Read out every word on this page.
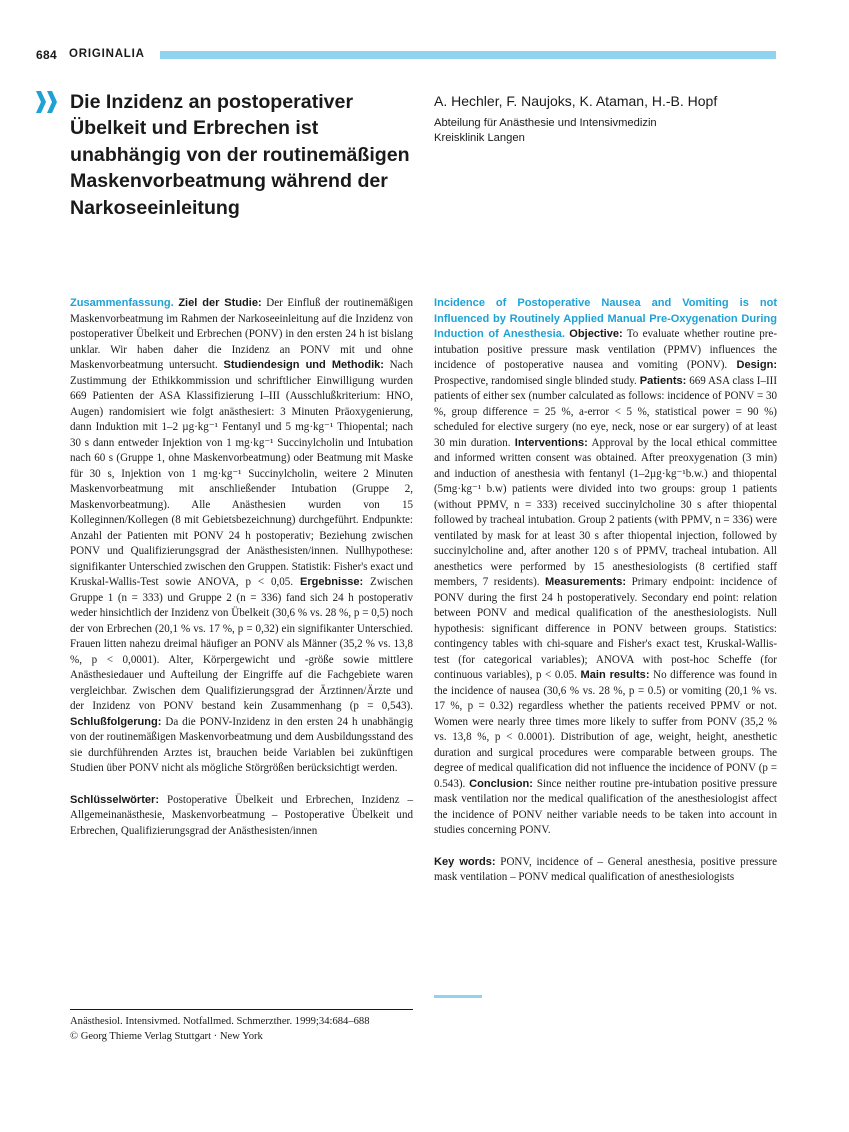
684 ORIGINALIA
Die Inzidenz an postoperativer Übelkeit und Erbrechen ist unabhängig von der routinemäßigen Maskenvorbeatmung während der Narkoseeinleitung
A. Hechler, F. Naujoks, K. Ataman, H.-B. Hopf
Abteilung für Anästhesie und Intensivmedizin
Kreisklinik Langen

Zusammenfassung. Ziel der Studie: Der Einfluß der routinemäßigen Maskenvorbeatmung im Rahmen der Narkoseeinleitung auf die Inzidenz von postoperativer Übelkeit und Erbrechen (PONV) in den ersten 24 h ist bislang unklar. Wir haben daher die Inzidenz an PONV mit und ohne Maskenvorbeatmung untersucht. Studiendesign und Methodik: Nach Zustimmung der Ethikkommission und schriftlicher Einwilligung wurden 669 Patienten der ASA Klassifizierung I–III (Ausschlußkriterium: HNO, Augen) randomisiert wie folgt anästhesiert: 3 Minuten Präoxygenierung, dann Induktion mit 1–2 µg·kg⁻¹ Fentanyl und 5 mg·kg⁻¹ Thiopental; nach 30 s dann entweder Injektion von 1 mg·kg⁻¹ Succinylcholin und Intubation nach 60 s (Gruppe 1, ohne Maskenvorbeatmung) oder Beatmung mit Maske für 30 s, Injektion von 1 mg·kg⁻¹ Succinylcholin, weitere 2 Minuten Maskenvorbeatmung mit anschließender Intubation (Gruppe 2, Maskenvorbeatmung). Alle Anästhesien wurden von 15 Kolleginnen/Kollegen (8 mit Gebietsbezeichnung) durchgeführt. Endpunkte: Anzahl der Patienten mit PONV 24 h postoperativ; Beziehung zwischen PONV und Qualifizierungsgrad der Anästhesisten/innen. Nullhypothese: signifikanter Unterschied zwischen den Gruppen. Statistik: Fisher's exact und Kruskal-Wallis-Test sowie ANOVA, p < 0,05. Ergebnisse: Zwischen Gruppe 1 (n = 333) und Gruppe 2 (n = 336) fand sich 24 h postoperativ weder hinsichtlich der Inzidenz von Übelkeit (30,6 % vs. 28 %, p = 0,5) noch der von Erbrechen (20,1 % vs. 17 %, p = 0,32) ein signifikanter Unterschied. Frauen litten nahezu dreimal häufiger an PONV als Männer (35,2 % vs. 13,8 %, p < 0,0001). Alter, Körpergewicht und -größe sowie mittlere Anästhesiedauer und Aufteilung der Eingriffe auf die Fachgebiete waren vergleichbar. Zwischen dem Qualifizierungsgrad der Ärztinnen/Ärzte und der Inzidenz von PONV bestand kein Zusammenhang (p = 0,543). Schlußfolgerung: Da die PONV-Inzidenz in den ersten 24 h unabhängig von der routinemäßigen Maskenvorbeatmung und dem Ausbildungsstand des sie durchführenden Arztes ist, brauchen beide Variablen bei zukünftigen Studien über PONV nicht als mögliche Störgrößen berücksichtigt werden.

Schlüsselwörter: Postoperative Übelkeit und Erbrechen, Inzidenz – Allgemeinanästhesie, Maskenvorbeatmung – Postoperative Übelkeit und Erbrechen, Qualifizierungsgrad der Anästhesisten/innen

Incidence of Postoperative Nausea and Vomiting is not Influenced by Routinely Applied Manual Pre-Oxygenation During Induction of Anesthesia. Objective: To evaluate whether routine pre-intubation positive pressure mask ventilation (PPMV) influences the incidence of postoperative nausea and vomiting (PONV). Design: Prospective, randomised single blinded study. Patients: 669 ASA class I–III patients of either sex (number calculated as follows: incidence of PONV = 30 %, group difference = 25 %, a-error < 5 %, statistical power = 90 %) scheduled for elective surgery (no eye, neck, nose or ear surgery) of at least 30 min duration. Interventions: Approval by the local ethical committee and informed written consent was obtained. After preoxygenation (3 min) and induction of anesthesia with fentanyl (1–2µg·kg⁻¹b.w.) and thiopental (5mg·kg⁻¹ b.w) patients were divided into two groups: group 1 patients (without PPMV, n = 333) received succinylcholine 30 s after thiopental followed by tracheal intubation. Group 2 patients (with PPMV, n = 336) were ventilated by mask for at least 30 s after thiopental injection, followed by succinylcholine and, after another 120 s of PPMV, tracheal intubation. All anesthetics were performed by 15 anesthesiologists (8 certified staff members, 7 residents). Measurements: Primary endpoint: incidence of PONV during the first 24 h postoperatively. Secondary end point: relation between PONV and medical qualification of the anesthesiologists. Null hypothesis: significant difference in PONV between groups. Statistics: contingency tables with chi-square and Fisher's exact test, Kruskal-Wallis-test (for categorical variables); ANOVA with post-hoc Scheffe (for continuous variables), p < 0.05. Main results: No difference was found in the incidence of nausea (30,6 % vs. 28 %, p = 0.5) or vomiting (20,1 % vs. 17 %, p = 0.32) regardless whether the patients received PPMV or not. Women were nearly three times more likely to suffer from PONV (35,2 % vs. 13,8 %, p < 0.0001). Distribution of age, weight, height, anesthetic duration and surgical procedures were comparable between groups. The degree of medical qualification did not influence the incidence of PONV (p = 0.543). Conclusion: Since neither routine pre-intubation positive pressure mask ventilation nor the medical qualification of the anesthesiologist affect the incidence of PONV neither variable needs to be taken into account in studies concerning PONV.

Key words: PONV, incidence of – General anesthesia, positive pressure mask ventilation – PONV medical qualification of anesthesiologists

Anästhesiol. Intensivmed. Notfallmed. Schmerzther. 1999;34:684–688
© Georg Thieme Verlag Stuttgart · New York
